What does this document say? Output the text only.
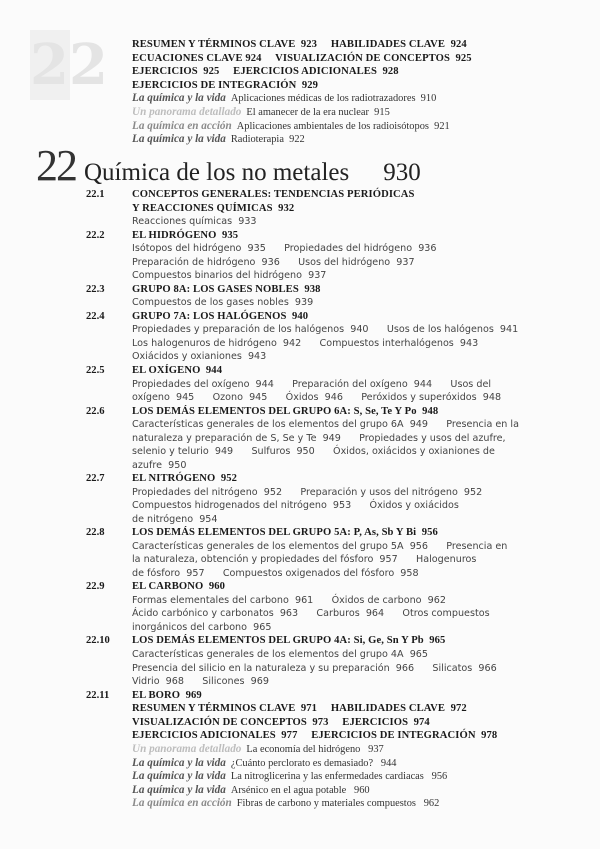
22 RESUMEN Y TÉRMINOS CLAVE  923     HABILIDADES CLAVE  924
ECUACIONES CLAVE 924     VISUALIZACIÓN DE CONCEPTOS  925
EJERCICIOS  925     EJERCICIOS ADICIONALES  928
EJERCICIOS DE INTEGRACIÓN  929
La química y la vida Aplicaciones médicas de los radiotrazadores  910
Un panorama detallado El amanecer de la era nuclear  915
La química en acción Aplicaciones ambientales de los radioisótopos  921
La química y la vida Radioterapia  922
22 Química de los no metales 930
22.1	CONCEPTOS GENERALES: TENDENCIAS PERIÓDICAS
Y REACCIONES QUÍMICAS  932
Reacciones químicas  933
22.2	EL HIDRÓGENO  935
Isótopos del hidrógeno  935      Propiedades del hidrógeno  936
Preparación de hidrógeno  936      Usos del hidrógeno  937
Compuestos binarios del hidrógeno  937
22.3	GRUPO 8A: LOS GASES NOBLES  938
Compuestos de los gases nobles  939
22.4	GRUPO 7A: LOS HALÓGENOS  940
Propiedades y preparación de los halógenos  940      Usos de los halógenos  941
Los halogenuros de hidrógeno  942      Compuestos interhalógenos  943
Oxiácidos y oxianiones  943
22.5	EL OXÍGENO  944
Propiedades del oxígeno  944      Preparación del oxígeno  944      Usos del
oxígeno  945      Ozono  945      Óxidos  946      Peróxidos y superóxidos  948
22.6	LOS DEMÁS ELEMENTOS DEL GRUPO 6A: S, Se, Te Y Po  948
Características generales de los elementos del grupo 6A  949      Presencia en la
naturaleza y preparación de S, Se y Te  949      Propiedades y usos del azufre,
selenio y telurio  949      Sulfuros  950      Óxidos, oxiácidos y oxianiones de
azufre  950
22.7	EL NITRÓGENO  952
Propiedades del nitrógeno  952      Preparación y usos del nitrógeno  952
Compuestos hidrogenados del nitrógeno  953      Óxidos y oxiácidos
de nitrógeno  954
22.8	LOS DEMÁS ELEMENTOS DEL GRUPO 5A: P, As, Sb Y Bi  956
Características generales de los elementos del grupo 5A  956      Presencia en
la naturaleza, obtención y propiedades del fósforo  957      Halogenuros
de fósforo  957      Compuestos oxigenados del fósforo  958
22.9	EL CARBONO  960
Formas elementales del carbono  961      Óxidos de carbono  962
Ácido carbónico y carbonatos  963      Carburos  964      Otros compuestos
inorgánicos del carbono  965
22.10	LOS DEMÁS ELEMENTOS DEL GRUPO 4A: Si, Ge, Sn Y Pb  965
Características generales de los elementos del grupo 4A  965
Presencia del silicio en la naturaleza y su preparación  966      Silicatos  966
Vidrio  968      Silicones  969
22.11	EL BORO  969
RESUMEN Y TÉRMINOS CLAVE  971     HABILIDADES CLAVE  972
VISUALIZACIÓN DE CONCEPTOS  973     EJERCICIOS  974
EJERCICIOS ADICIONALES  977     EJERCICIOS DE INTEGRACIÓN  978
Un panorama detallado La economía del hidrógeno   937
La química y la vida ¿Cuánto perclorato es demasiado?   944
La química y la vida La nitroglicerina y las enfermedades cardiacas   956
La química y la vida Arsénico en el agua potable   960
La química en acción Fibras de carbono y materiales compuestos   962
